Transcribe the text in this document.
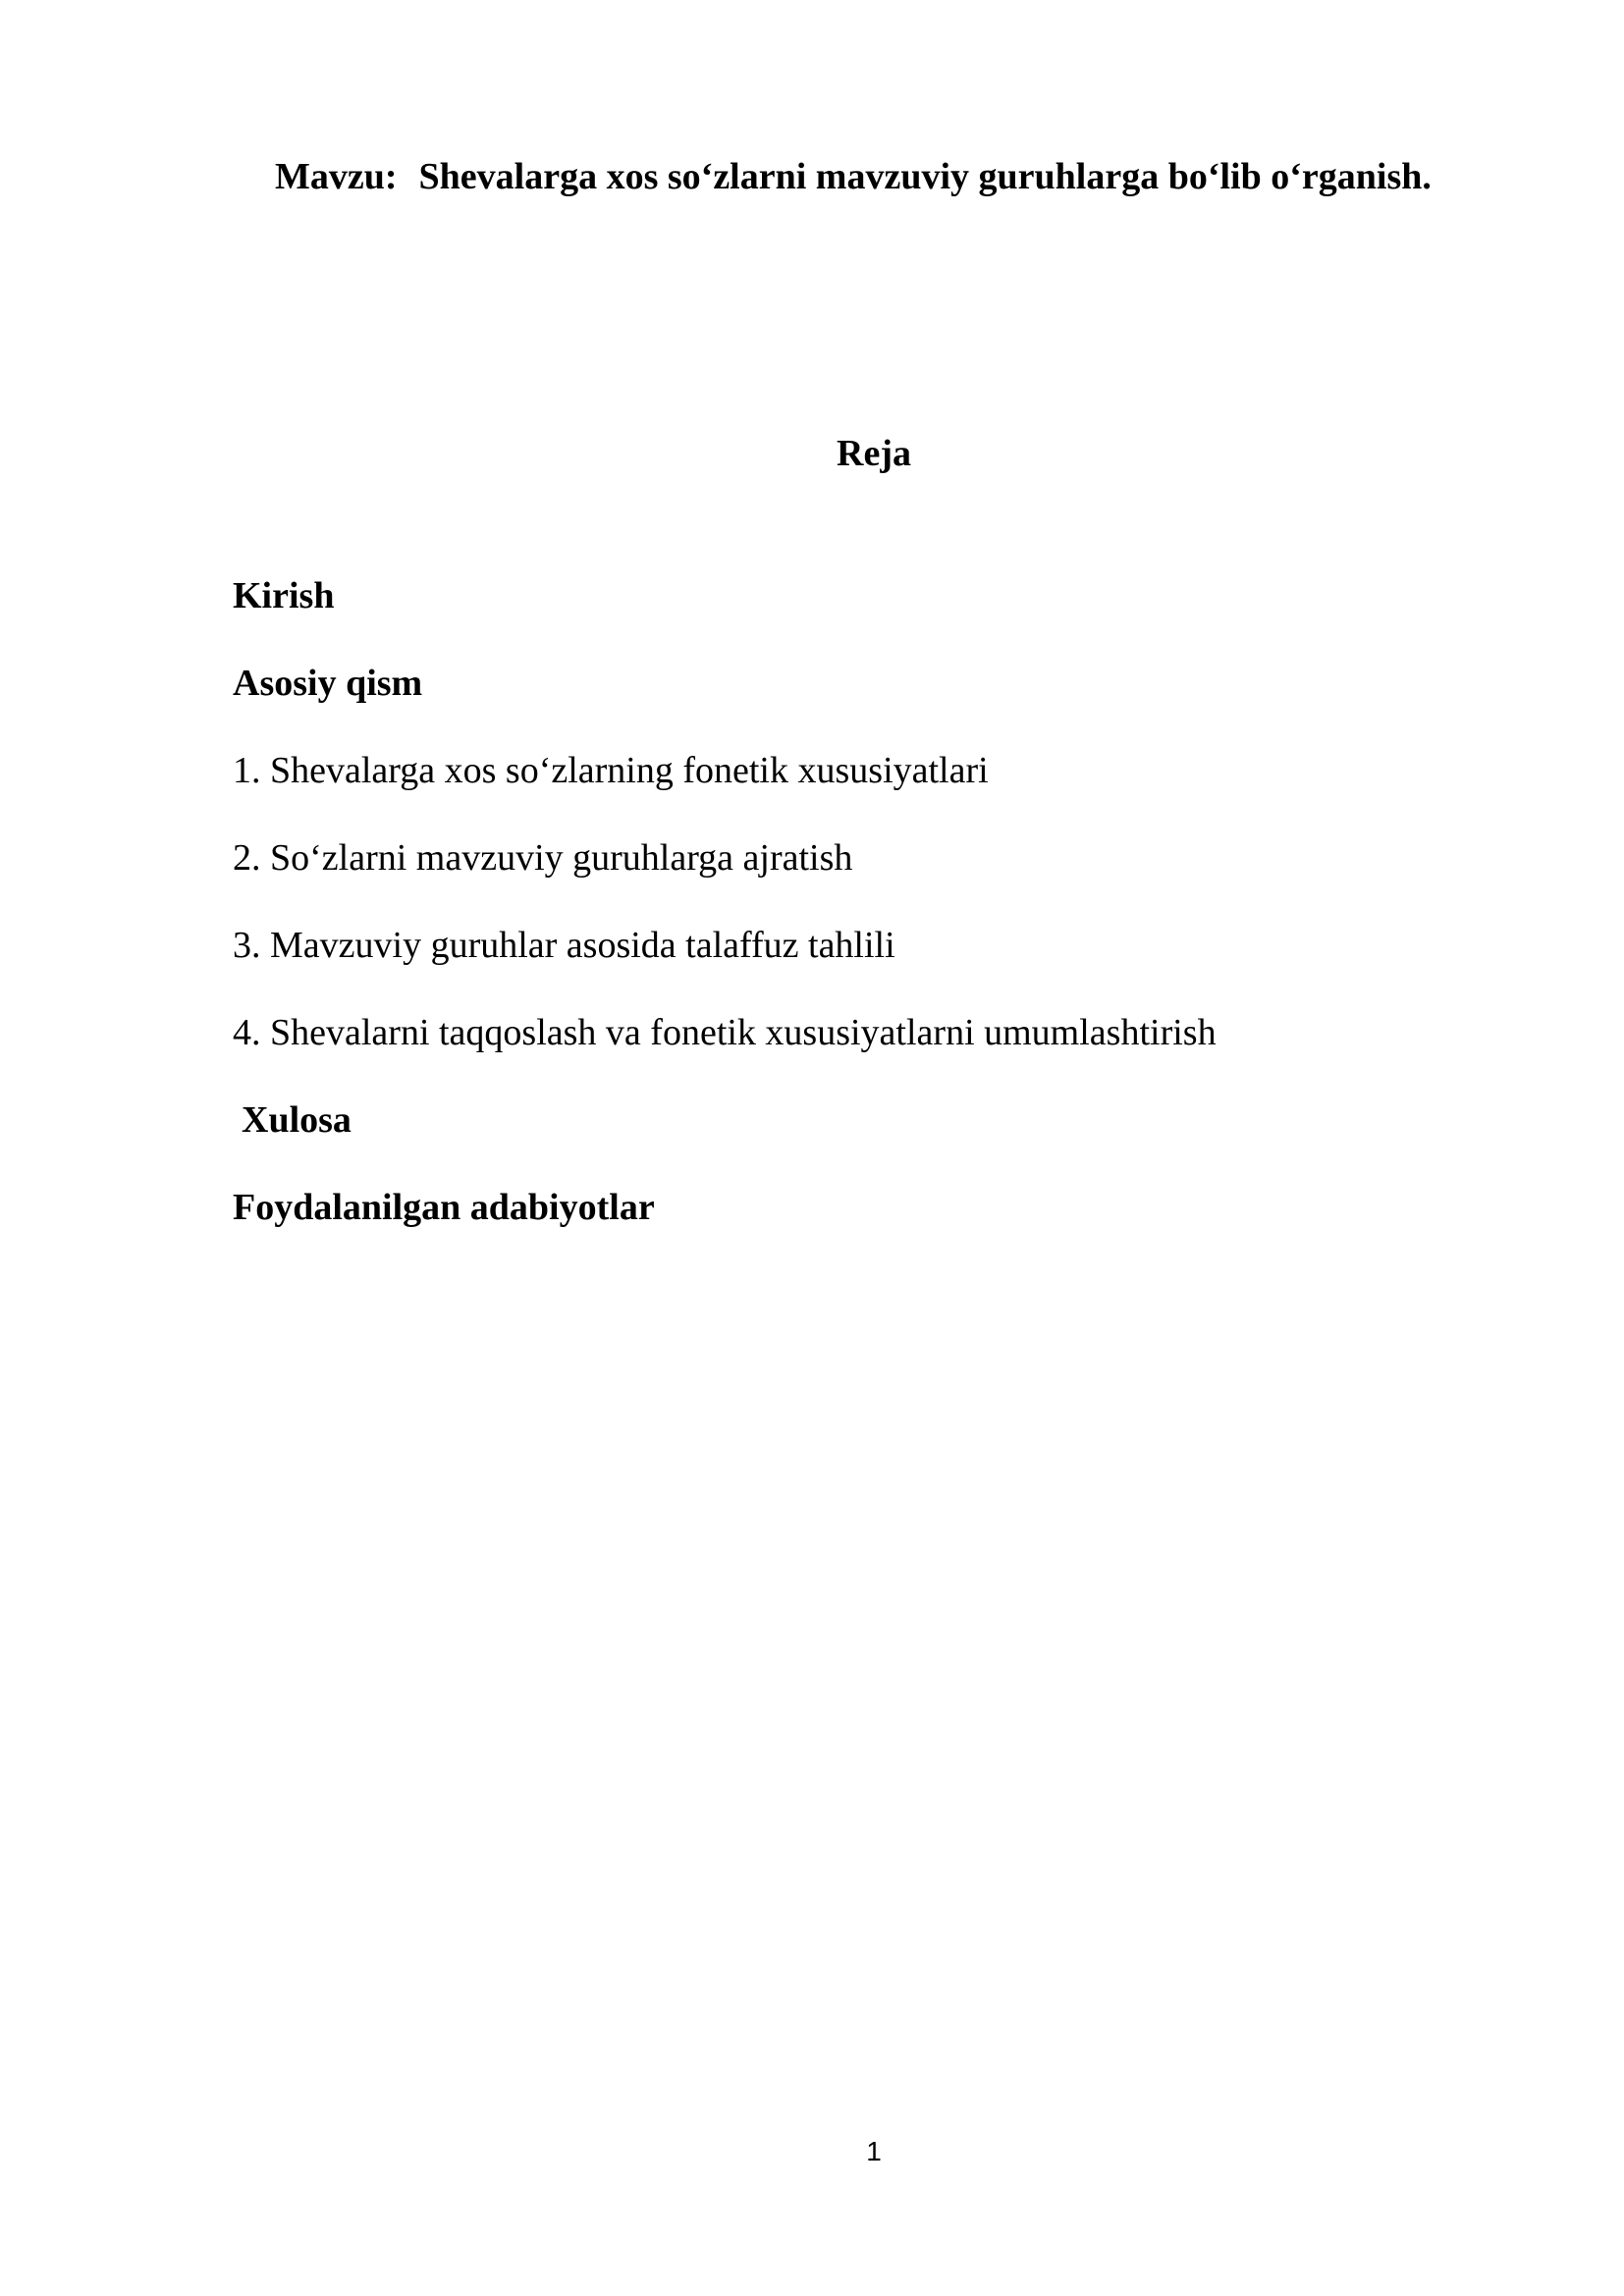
Mavzu: Shevalarga xos so‘zlarni mavzuviy guruhlarga bo‘lib o‘rganish.
Reja
Kirish
Asosiy qism
1. Shevalarga xos so‘zlarning fonetik xususiyatlari
2. So‘zlarni mavzuviy guruhlarga ajratish
3. Mavzuviy guruhlar asosida talaffuz tahlili
4. Shevalarni taqqoslash va fonetik xususiyatlarni umumlashtirish
Xulosa
Foydalanilgan adabiyotlar
1
